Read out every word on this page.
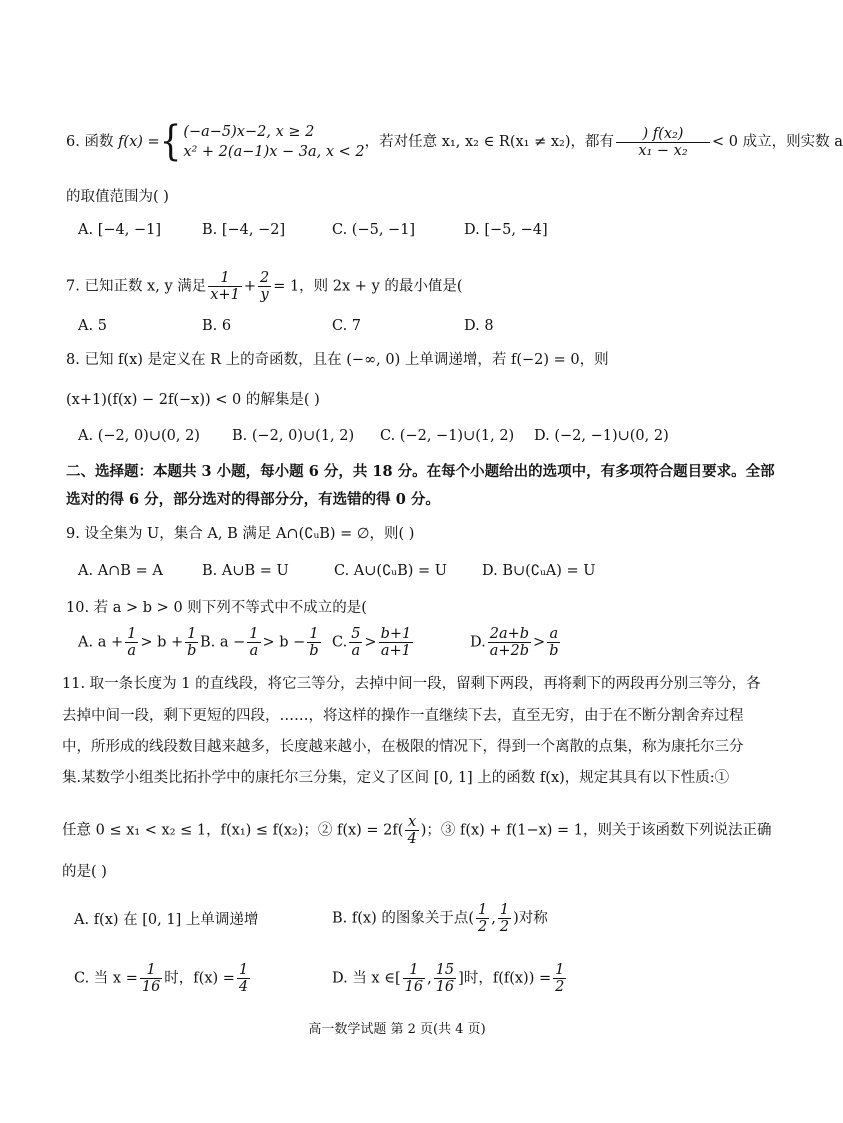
6. 函数 f(x) ={ (−a−5)x−2, x ≥ 2
x² + 2(a−1)x − 3a, x < 2
，若对任意 x₁, x₂ ∈ R(x₁ ≠ x₂)，都有 $\frac{\text{) f(x₂)}}{\text{x₁ − x₂}} < 0$ 成立，则实数 a
的取值范围为( )
A. [−4, −1]	B. [−4, −2]	C. (−5, −1]	D. [−5, −4]
7. 已知正数 x, y 满足 $\frac{1}{x+1} + \frac{2}{y} = 1$，则 2x + y 的最小值是(
A. 5	B. 6	C. 7	D. 8
8. 已知 f(x) 是定义在 R 上的奇函数，且在 (−∞, 0) 上单调递增，若 f(−2) = 0，则
(x+1)(f(x) − 2f(−x)) < 0 的解集是( )
A. (−2, 0)∪(0, 2) B. (−2, 0)∪(1, 2) C. (−2, −1)∪(1, 2) D. (−2, −1)∪(0, 2)
二、选择题：本题共 3 小题，每小题 6 分，共 18 分。在每个小题给出的选项中，有多项符合题目要求。全部
选对的得 6 分，部分选对的得部分分，有选错的得 0 分。
9. 设全集为 U，集合 A, B 满足 A∩(∁ᵤB) = ∅，则( )
A. A∩B = A	B. A∪B = U	C. A∪(∁ᵤB) = U D. B∪(∁ᵤA) = U
10. 若 a > b > 0 则下列不等式中不成立的是(
A. $a + \frac{1}{a} > b + \frac{1}{b} B$. $a - \frac{1}{a} > b - \frac{1}{b} C$. $\frac{5}{a} > \frac{b+1}{a+1}$	D. $\frac{2a+b}{a+2b} > \frac{a}{b}$
11. 取一条长度为 1 的直线段，将它三等分，去掉中间一段，留剩下两段，再将剩下的两段再分别三等分，各
去掉中间一段，剩下更短的四段，……，将这样的操作一直继续下去，直至无穷，由于在不断分割舍弃过程
中，所形成的线段数目越来越多，长度越来越小，在极限的情况下，得到一个离散的点集，称为康托尔三分
集.某数学小组类比拓扑学中的康托尔三分集，定义了区间 [0, 1] 上的函数 f(x)，规定其具有以下性质:①
任意 0 ≤ x₁ < x₂ ≤ 1，f(x₁) ≤ f(x₂)；② $f(x) = 2f( \frac{x}{4}$ )；③ f(x) + f(1−x) = 1，则关于该函数下列说法正确
的是( )
A. f(x) 在 [0, 1] 上单调递增	B. f(x) 的图象关于点( $\frac{1}{2}$ , $\frac{1}{2}$ )对称
C. 当 $x = \frac{1}{16}$ 时，$f(x) = \frac{1}{4}$	D. 当 x ∈[ $\frac{1}{16}$ , $\frac{15}{16}$ ]时，$f(f(x)) = \frac{1}{2}$
高一数学试题 第 2 页(共 4 页)
